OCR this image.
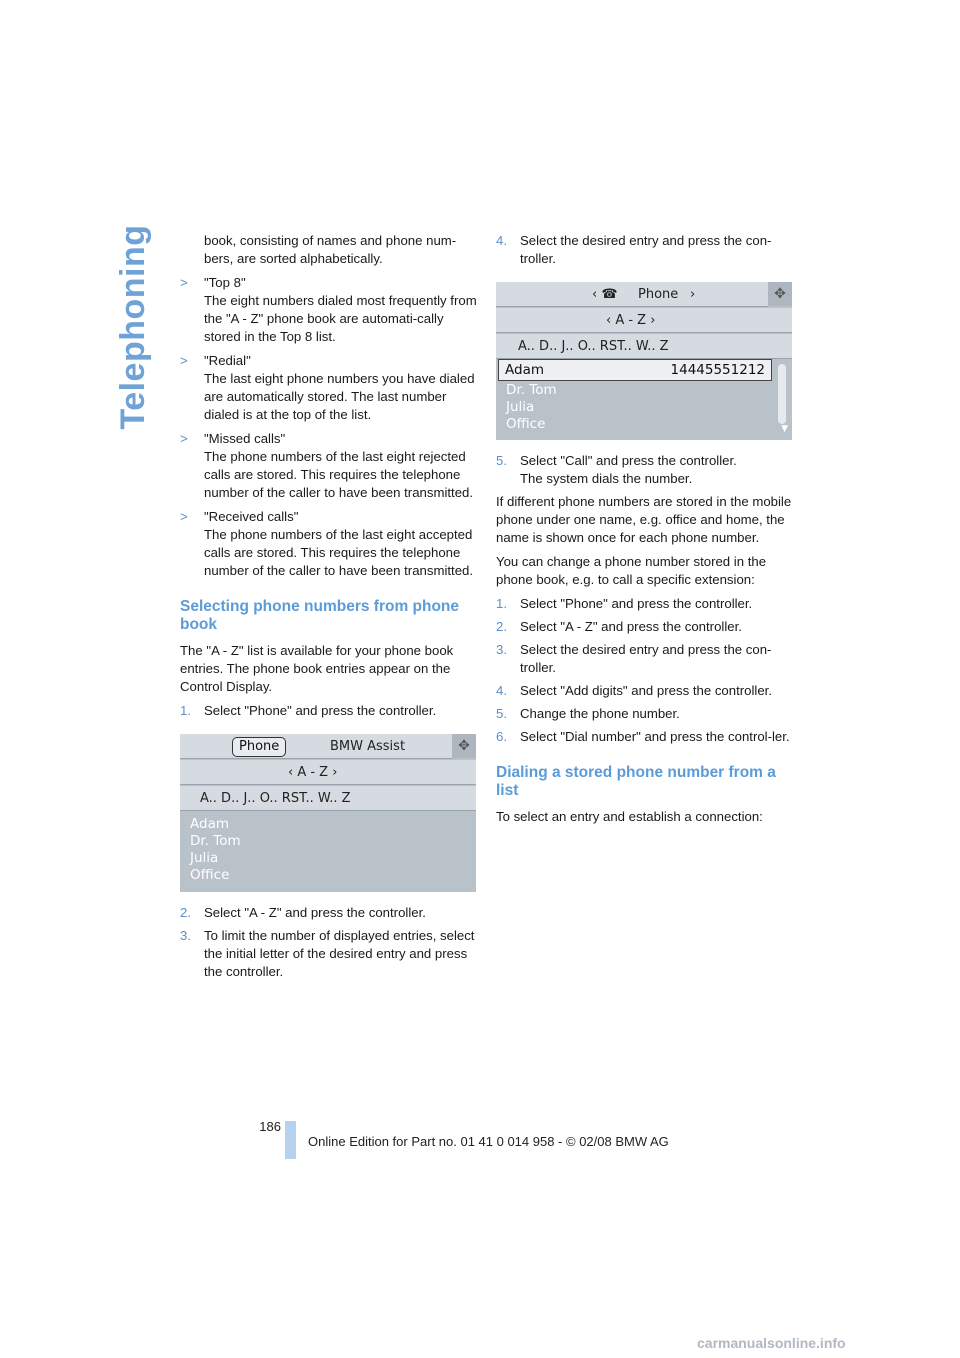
Telephoning	book, consisting of names and phone num-bers, are sorted alphabetically.

> "Top 8"
The eight numbers dialed most frequently from the "A - Z" phone book are automati-cally stored in the Top 8 list.
> "Redial"
The last eight phone numbers you have dialed are automatically stored. The last number dialed is at the top of the list.
> "Missed calls"
The phone numbers of the last eight rejected calls are stored. This requires the telephone number of the caller to have been transmitted.
> "Received calls"
The phone numbers of the last eight accepted calls are stored. This requires the telephone number of the caller to have been transmitted.
Selecting phone numbers from phone book

The "A - Z" list is available for your phone book entries. The phone book entries appear on the Control Display.

1. Select "Phone" and press the controller.
Phone	BMW Assist	✥
‹ A - Z ›
A.. D.. J.. O.. RST.. W.. Z
Adam
Dr. Tom
Julia
Office
2. Select "A - Z" and press the controller.
3. To limit the number of displayed entries, select the initial letter of the desired entry and press the controller.
4. Select the desired entry and press the con-troller.
‹ ☎ Phone ›	✥
‹ A - Z ›
A.. D.. J.. O.. RST.. W.. Z
Adam	14445551212
Dr. Tom
Julia
Office	▼
5. Select "Call" and press the controller.
The system dials the number.

If different phone numbers are stored in the mobile phone under one name, e.g. office and home, the name is shown once for each phone number.

You can change a phone number stored in the phone book, e.g. to call a specific extension:

1. Select "Phone" and press the controller.
2. Select "A - Z" and press the controller.
3. Select the desired entry and press the con-troller.
4. Select "Add digits" and press the controller.
5. Change the phone number.
6. Select "Dial number" and press the control-ler.
Dialing a stored phone number from a list

To select an entry and establish a connection:

186
Online Edition for Part no. 01 41 0 014 958 - © 02/08 BMW AG
carmanualsonline.info
